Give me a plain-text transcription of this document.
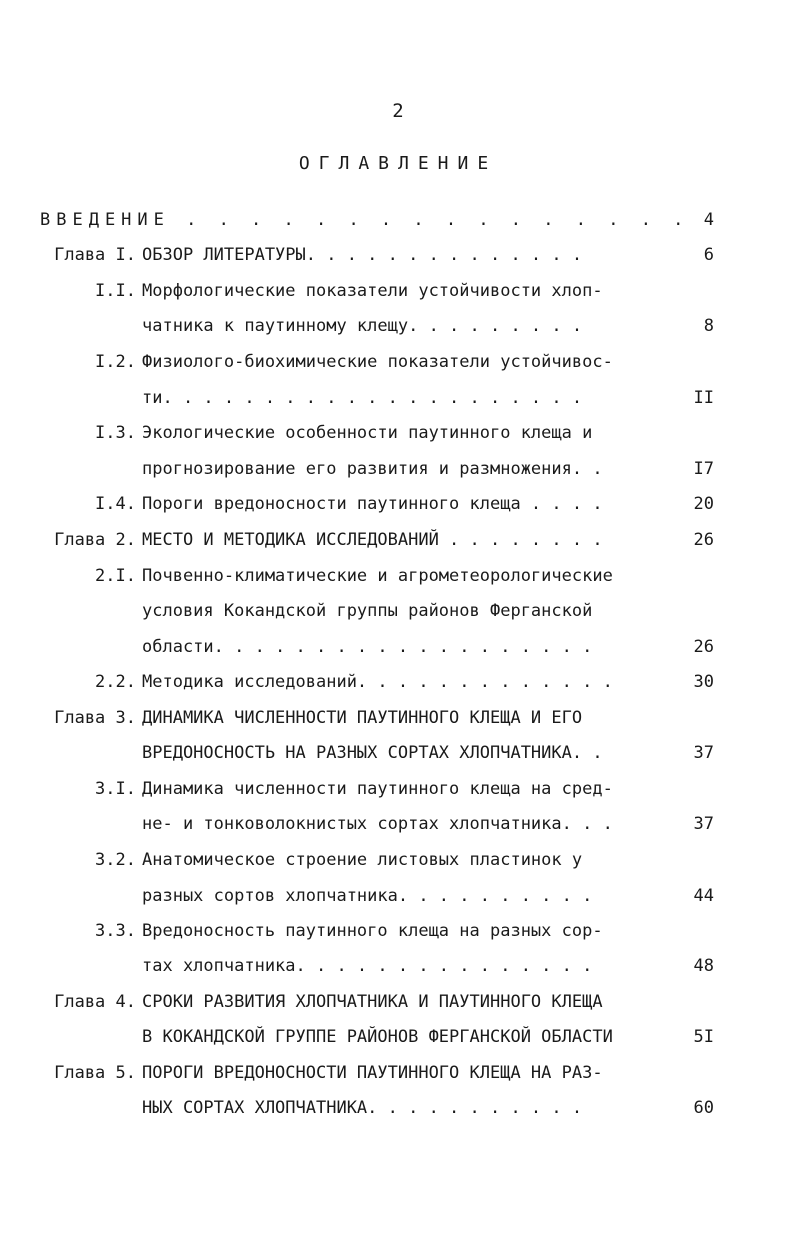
2
ОГЛАВЛЕНИЕ
ВВЕДЕНИЕ . . . . . . . . . . . . . . . . 4
Глава I. ОБЗОР ЛИТЕРАТУРЫ. . . . . . . . . . . . . .	6
I.I. Морфологические показатели устойчивости хлоп-
чатника к паутинному клещу. . . . . . . . .	8
I.2. Физиолого-биохимические показатели устойчивос-
ти. . . . . . . . . . . . . . . . . . . . .	II
I.3. Экологические особенности паутинного клеща и
прогнозирование его развития и размножения. .	I7
I.4. Пороги вредоносности паутинного клеща . . . .	20
Глава 2. МЕСТО И МЕТОДИКА ИССЛЕДОВАНИЙ . . . . . . . .	26
2.I. Почвенно-климатические и агрометеорологические
условия Кокандской группы районов Ферганской
области. . . . . . . . . . . . . . . . . . .	26
2.2. Методика исследований. . . . . . . . . . . . .	30
Глава 3. ДИНАМИКА ЧИСЛЕННОСТИ ПАУТИННОГО КЛЕЩА И ЕГО
ВРЕДОНОСНОСТЬ НА РАЗНЫХ СОРТАХ ХЛОПЧАТНИКА. .	37
3.I. Динамика численности паутинного клеща на сред-
не- и тонковолокнистых сортах хлопчатника. . .	37
3.2. Анатомическое строение листовых пластинок у
разных сортов хлопчатника. . . . . . . . . .	44
3.3. Вредоносность паутинного клеща на разных сор-
тах хлопчатника. . . . . . . . . . . . . . .	48
Глава 4. СРОКИ РАЗВИТИЯ ХЛОПЧАТНИКА И ПАУТИННОГО КЛЕЩА
В КОКАНДСКОЙ ГРУППЕ РАЙОНОВ ФЕРГАНСКОЙ ОБЛАСТИ	5I
Глава 5. ПОРОГИ ВРЕДОНОСНОСТИ ПАУТИННОГО КЛЕЩА НА РАЗ-
НЫХ СОРТАХ ХЛОПЧАТНИКА. . . . . . . . . . .	60
